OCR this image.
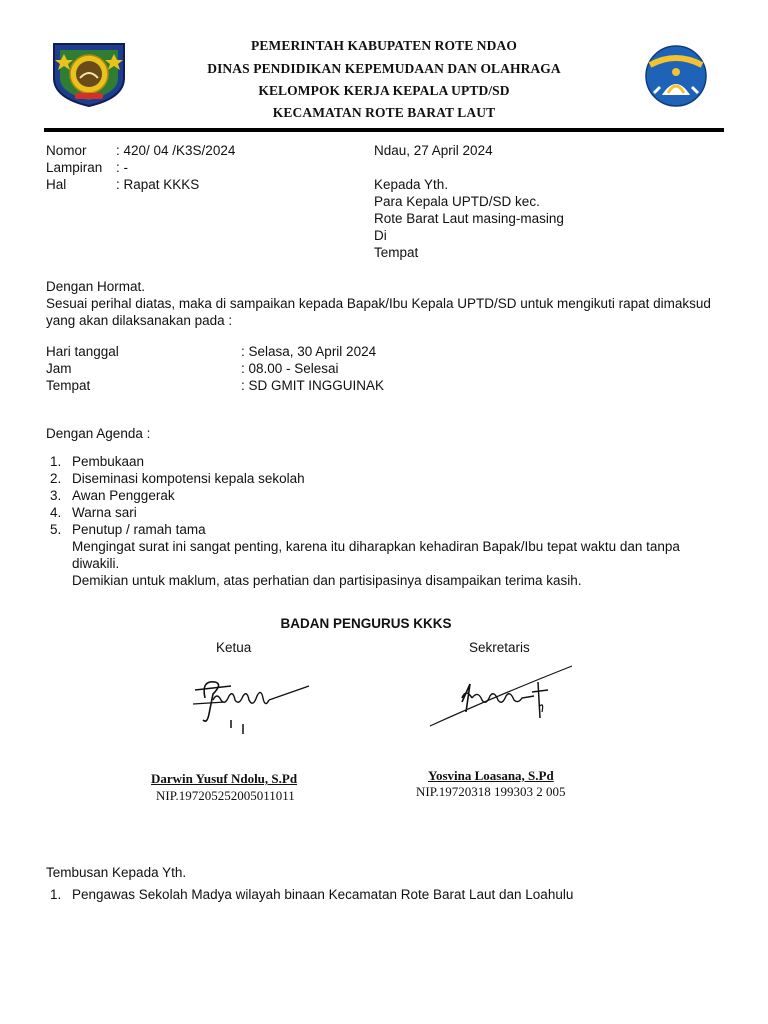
PEMERINTAH KABUPATEN ROTE NDAO
DINAS PENDIDIKAN KEPEMUDAAN DAN OLAHRAGA
KELOMPOK KERJA KEPALA UPTD/SD
KECAMATAN ROTE BARAT LAUT
Nomor : 420/ 04 /K3S/2024
Lampiran : -
Hal	: Rapat KKKS
Ndau, 27 April 2024
Kepada Yth.
Para Kepala UPTD/SD kec.
Rote Barat Laut masing-masing
Di
Tempat
Dengan Hormat.
Sesuai perihal diatas, maka di sampaikan kepada Bapak/Ibu Kepala UPTD/SD untuk mengikuti rapat dimaksud yang akan dilaksanakan pada :
Hari tanggal	: Selasa, 30 April 2024
Jam	: 08.00 - Selesai
Tempat	: SD GMIT INGGUINAK
Dengan Agenda :
1. Pembukaan
2. Diseminasi kompotensi kepala sekolah
3. Awan Penggerak
4. Warna sari
5. Penutup / ramah tama
Mengingat surat ini sangat penting, karena itu diharapkan kehadiran Bapak/Ibu tepat waktu dan tanpa diwakili.
Demikian untuk maklum, atas perhatian dan partisipasinya disampaikan terima kasih.
BADAN PENGURUS KKKS
Ketua	Sekretaris
Darwin Yusuf Ndolu, S.Pd
NIP.197205252005011011
Yosvina Loasana, S.Pd
NIP.19720318 199303 2 005
Tembusan Kepada Yth.
1. Pengawas Sekolah Madya wilayah binaan Kecamatan Rote Barat Laut dan Loahulu
